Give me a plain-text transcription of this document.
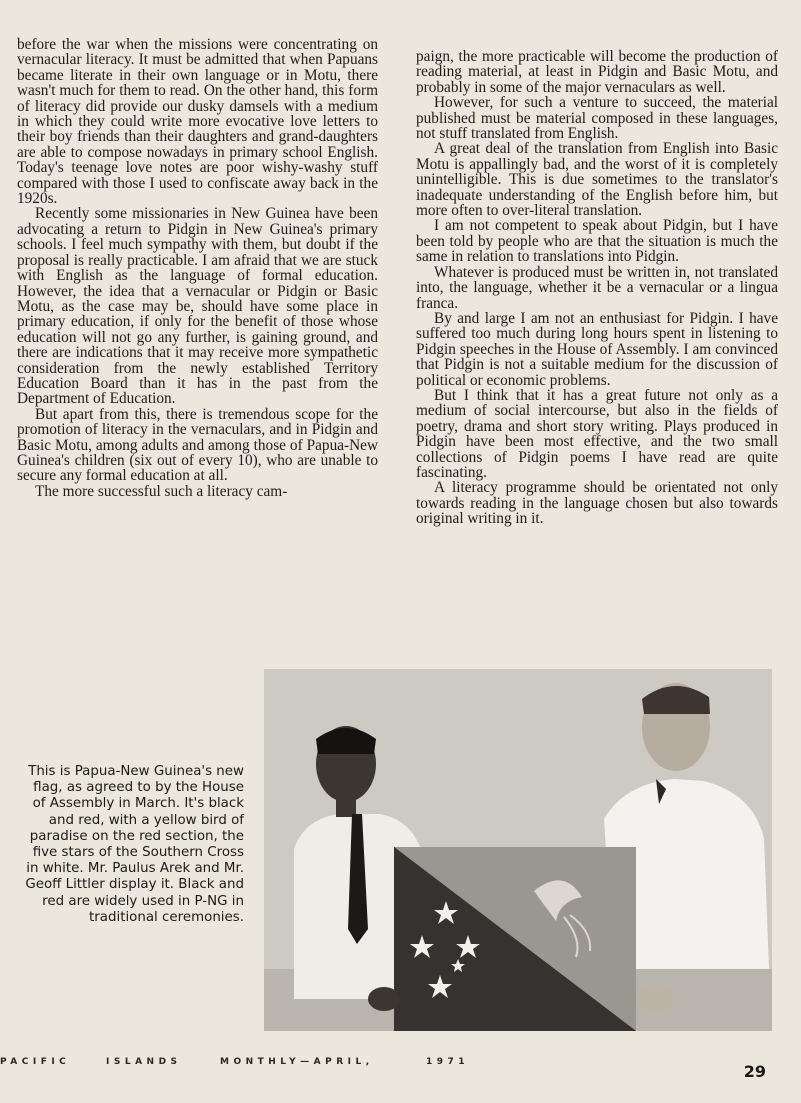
before the war when the missions were concentrating on vernacular literacy. It must be admitted that when Papuans became literate in their own language or in Motu, there wasn't much for them to read. On the other hand, this form of literacy did provide our dusky damsels with a medium in which they could write more evocative love letters to their boy friends than their daughters and grand-daughters are able to compose nowadays in primary school English. Today's teenage love notes are poor wishy-washy stuff compared with those I used to confiscate away back in the 1920s.

Recently some missionaries in New Guinea have been advocating a return to Pidgin in New Guinea's primary schools. I feel much sympathy with them, but doubt if the proposal is really practicable. I am afraid that we are stuck with English as the language of formal education. However, the idea that a vernacular or Pidgin or Basic Motu, as the case may be, should have some place in primary education, if only for the benefit of those whose education will not go any further, is gaining ground, and there are indications that it may receive more sympathetic consideration from the newly established Territory Education Board than it has in the past from the Department of Education.

But apart from this, there is tremendous scope for the promotion of literacy in the vernaculars, and in Pidgin and Basic Motu, among adults and among those of Papua-New Guinea's children (six out of every 10), who are unable to secure any formal education at all.

The more successful such a literacy cam-

paign, the more practicable will become the production of reading material, at least in Pidgin and Basic Motu, and probably in some of the major vernaculars as well.

However, for such a venture to succeed, the material published must be material composed in these languages, not stuff translated from English.

A great deal of the translation from English into Basic Motu is appallingly bad, and the worst of it is completely unintelligible. This is due sometimes to the translator's inadequate understanding of the English before him, but more often to over-literal translation.

I am not competent to speak about Pidgin, but I have been told by people who are that the situation is much the same in relation to translations into Pidgin.

Whatever is produced must be written in, not translated into, the language, whether it be a vernacular or a lingua franca.

By and large I am not an enthusiast for Pidgin. I have suffered too much during long hours spent in listening to Pidgin speeches in the House of Assembly. I am convinced that Pidgin is not a suitable medium for the discussion of political or economic problems.

But I think that it has a great future not only as a medium of social intercourse, but also in the fields of poetry, drama and short story writing. Plays produced in Pidgin have been most effective, and the two small collections of Pidgin poems I have read are quite fascinating.

A literacy programme should be orientated not only towards reading in the language chosen but also towards original writing in it.

This is Papua-New Guinea's new flag, as agreed to by the House of Assembly in March. It's black and red, with a yellow bird of paradise on the red section, the five stars of the Southern Cross in white. Mr. Paulus Arek and Mr. Geoff Littler display it. Black and red are widely used in P-NG in traditional ceremonies.
PACIFIC	ISLANDS	MONTHLY—APRIL,	1971	29
